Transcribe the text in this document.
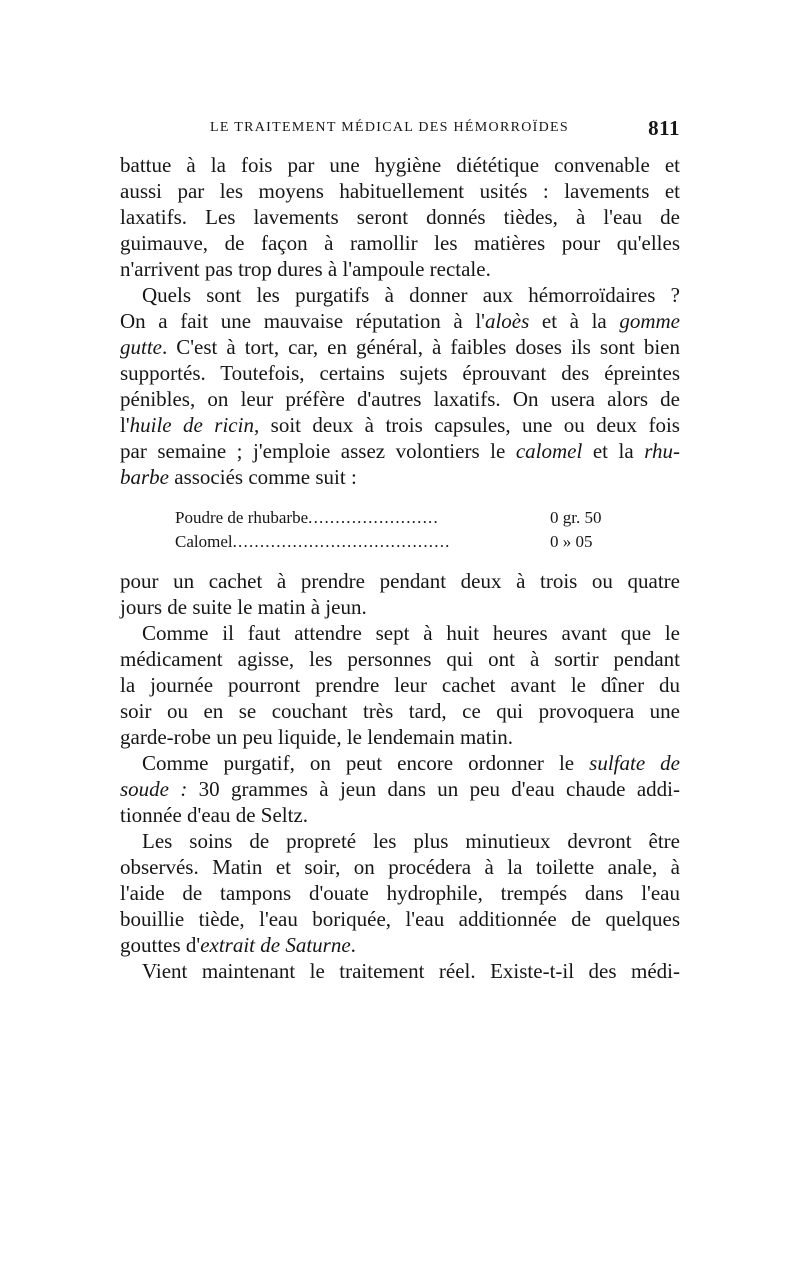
LE TRAITEMENT MÉDICAL DES HÉMORROÏDES	811
battue à la fois par une hygiène diététique convenable et
aussi par les moyens habituellement usités : lavements et
laxatifs. Les lavements seront donnés tièdes, à l'eau de
guimauve, de façon à ramollir les matières pour qu'elles
n'arrivent pas trop dures à l'ampoule rectale.
Quels sont les purgatifs à donner aux hémorroïdaires ?
On a fait une mauvaise réputation à l'aloès et à la gomme
gutte. C'est à tort, car, en général, à faibles doses ils sont bien
supportés. Toutefois, certains sujets éprouvant des épreintes
pénibles, on leur préfère d'autres laxatifs. On usera alors de
l'huile de ricin, soit deux à trois capsules, une ou deux fois
par semaine ; j'emploie assez volontiers le calomel et la rhu-
barbe associés comme suit :
Poudre de rhubarbe........................	0 gr. 50
Calomel........................................	0 » 05
pour un cachet à prendre pendant deux à trois ou quatre
jours de suite le matin à jeun.
Comme il faut attendre sept à huit heures avant que le
médicament agisse, les personnes qui ont à sortir pendant
la journée pourront prendre leur cachet avant le dîner du
soir ou en se couchant très tard, ce qui provoquera une
garde-robe un peu liquide, le lendemain matin.
Comme purgatif, on peut encore ordonner le sulfate de
soude : 30 grammes à jeun dans un peu d'eau chaude addi-
tionnée d'eau de Seltz.
Les soins de propreté les plus minutieux devront être
observés. Matin et soir, on procédera à la toilette anale, à
l'aide de tampons d'ouate hydrophile, trempés dans l'eau
bouillie tiède, l'eau boriquée, l'eau additionnée de quelques
gouttes d'extrait de Saturne.
Vient maintenant le traitement réel. Existe-t-il des médi-
